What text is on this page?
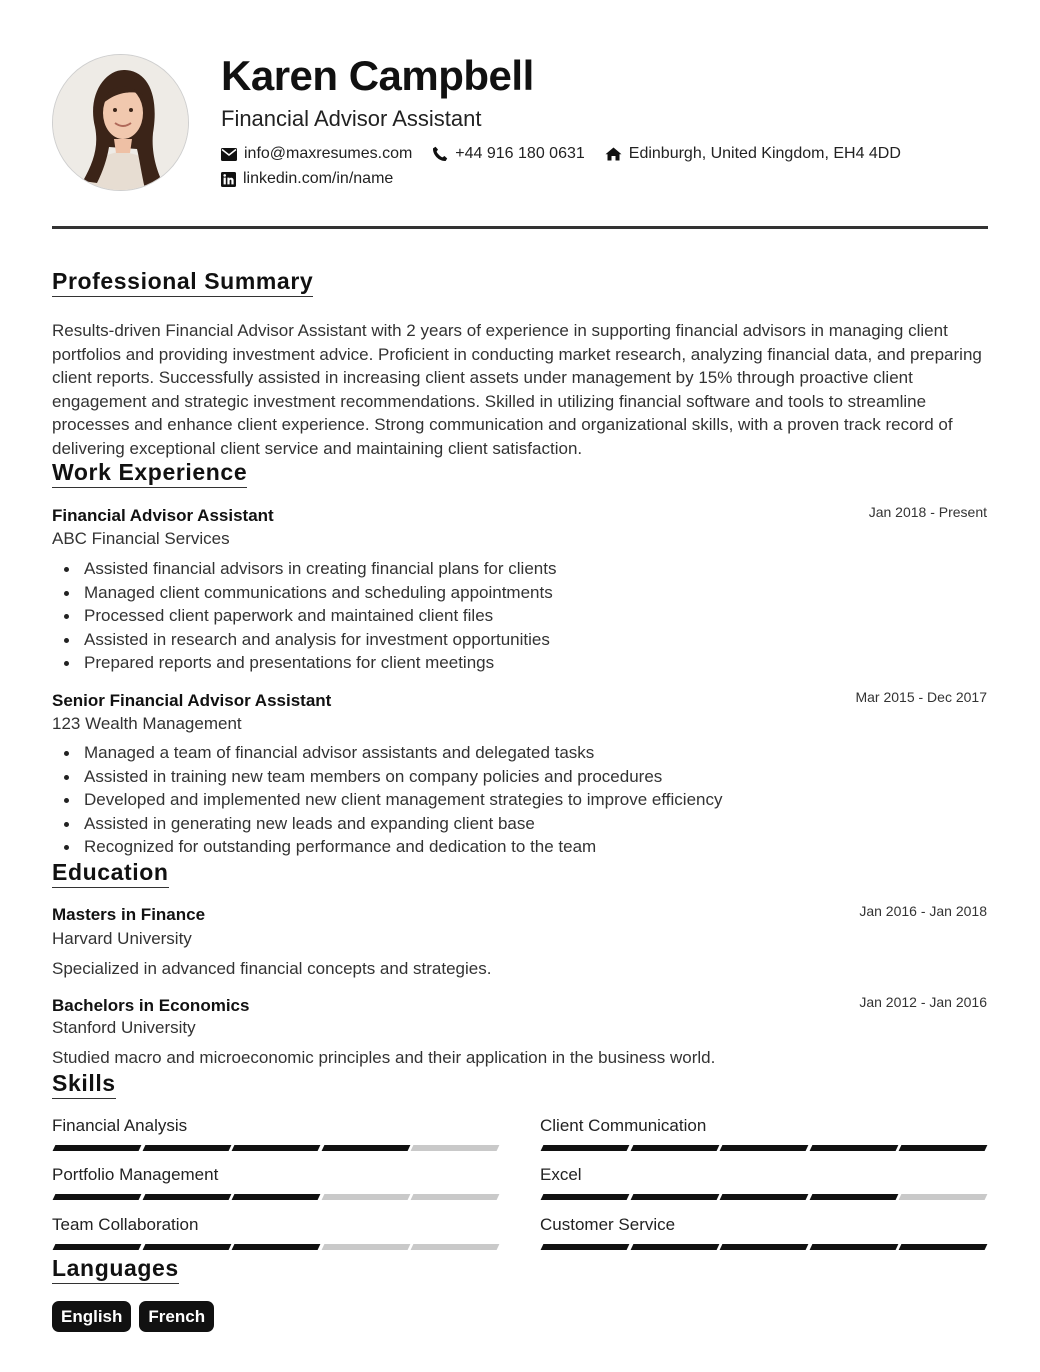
Karen Campbell
Financial Advisor Assistant
info@maxresumes.com	+44 916 180 0631	Edinburgh, United Kingdom, EH4 4DD
linkedin.com/in/name
Professional Summary
Results-driven Financial Advisor Assistant with 2 years of experience in supporting financial advisors in managing client portfolios and providing investment advice. Proficient in conducting market research, analyzing financial data, and preparing client reports. Successfully assisted in increasing client assets under management by 15% through proactive client engagement and strategic investment recommendations. Skilled in utilizing financial software and tools to streamline processes and enhance client experience. Strong communication and organizational skills, with a proven track record of delivering exceptional client service and maintaining client satisfaction.
Work Experience
Financial Advisor Assistant	Jan 2018 - Present
ABC Financial Services
Assisted financial advisors in creating financial plans for clients
Managed client communications and scheduling appointments
Processed client paperwork and maintained client files
Assisted in research and analysis for investment opportunities
Prepared reports and presentations for client meetings
Senior Financial Advisor Assistant	Mar 2015 - Dec 2017
123 Wealth Management
Managed a team of financial advisor assistants and delegated tasks
Assisted in training new team members on company policies and procedures
Developed and implemented new client management strategies to improve efficiency
Assisted in generating new leads and expanding client base
Recognized for outstanding performance and dedication to the team
Education
Masters in Finance	Jan 2016 - Jan 2018
Harvard University
Specialized in advanced financial concepts and strategies.
Bachelors in Economics	Jan 2012 - Jan 2016
Stanford University
Studied macro and microeconomic principles and their application in the business world.
Skills
Financial Analysis	Client Communication
Portfolio Management	Excel
Team Collaboration	Customer Service
Languages
English	French
